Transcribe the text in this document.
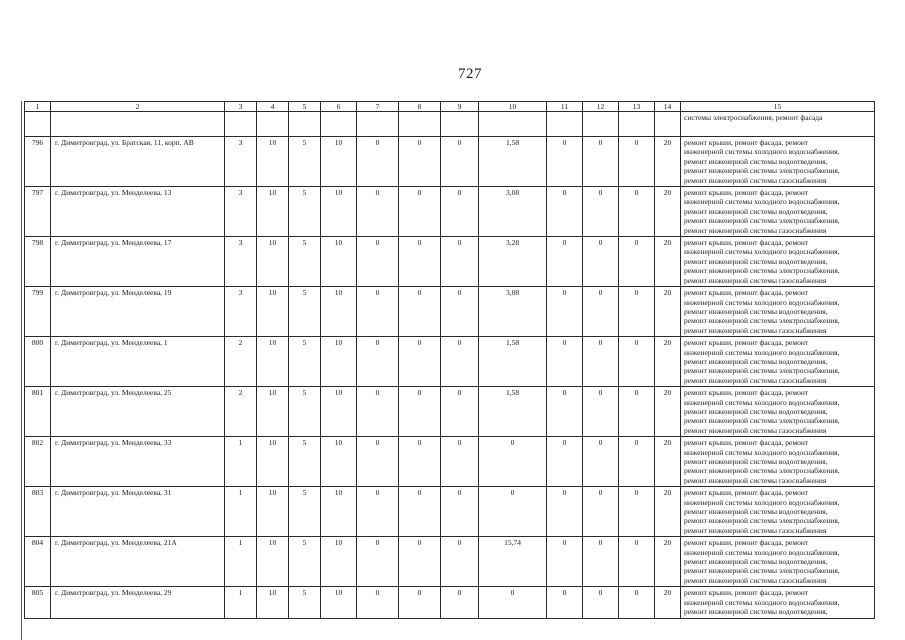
727
1	2	3	4	5	6	7	8	9	10	11	12	13	14	15

														системы электроснабжения, ремонт фасада

796	г. Димитровград, ул. Братская, 11, корп. АВ	3	10	5	10	0	0	0	1,58	0	0	0	20	ремонт крыши, ремонт фасада, ремонт
инженерной системы холодного водоснабжения,
ремонт инженерной системы водоотведения,
ремонт инженерной системы электроснабжения,
ремонт инженерной системы газоснабжения

797	г. Димитровград, ул. Менделеева, 13	3	10	5	10	0	0	0	3,08	0	0	0	20	ремонт крыши, ремонт фасада, ремонт
инженерной системы холодного водоснабжения,
ремонт инженерной системы водоотведения,
ремонт инженерной системы электроснабжения,
ремонт инженерной системы газоснабжения

798	г. Димитровград, ул. Менделеева, 17	3	10	5	10	0	0	0	3,28	0	0	0	20	ремонт крыши, ремонт фасада, ремонт
инженерной системы холодного водоснабжения,
ремонт инженерной системы водоотведения,
ремонт инженерной системы электроснабжения,
ремонт инженерной системы газоснабжения

799	г. Димитровград, ул. Менделеева, 19	3	10	5	10	0	0	0	3,08	0	0	0	20	ремонт крыши, ремонт фасада, ремонт
инженерной системы холодного водоснабжения,
ремонт инженерной системы водоотведения,
ремонт инженерной системы электроснабжения,
ремонт инженерной системы газоснабжения

800	г. Димитровград, ул. Менделеева, 1	2	10	5	10	0	0	0	1,58	0	0	0	20	ремонт крыши, ремонт фасада, ремонт
инженерной системы холодного водоснабжения,
ремонт инженерной системы водоотведения,
ремонт инженерной системы электроснабжения,
ремонт инженерной системы газоснабжения

801	г. Димитровград, ул. Менделеева, 25	2	10	5	10	0	0	0	1,58	0	0	0	20	ремонт крыши, ремонт фасада, ремонт
инженерной системы холодного водоснабжения,
ремонт инженерной системы водоотведения,
ремонт инженерной системы электроснабжения,
ремонт инженерной системы газоснабжения

802	г. Димитровград, ул. Менделеева, 33	1	10	5	10	0	0	0	0	0	0	0	20	ремонт крыши, ремонт фасада, ремонт
инженерной системы холодного водоснабжения,
ремонт инженерной системы водоотведения,
ремонт инженерной системы электроснабжения,
ремонт инженерной системы газоснабжения

803	г. Димитровград, ул. Менделеева, 31	1	10	5	10	0	0	0	0	0	0	0	20	ремонт крыши, ремонт фасада, ремонт
инженерной системы холодного водоснабжения,
ремонт инженерной системы водоотведения,
ремонт инженерной системы электроснабжения,
ремонт инженерной системы газоснабжения

804	г. Димитровград, ул. Менделеева, 21А	1	10	5	10	0	0	0	15,74	0	0	0	20	ремонт крыши, ремонт фасада, ремонт
инженерной системы холодного водоснабжения,
ремонт инженерной системы водоотведения,
ремонт инженерной системы электроснабжения,
ремонт инженерной системы газоснабжения

805	г. Димитровград, ул. Менделеева, 29	1	10	5	10	0	0	0	0	0	0	0	20	ремонт крыши, ремонт фасада, ремонт
инженерной системы холодного водоснабжения,
ремонт инженерной системы водоотведения,
